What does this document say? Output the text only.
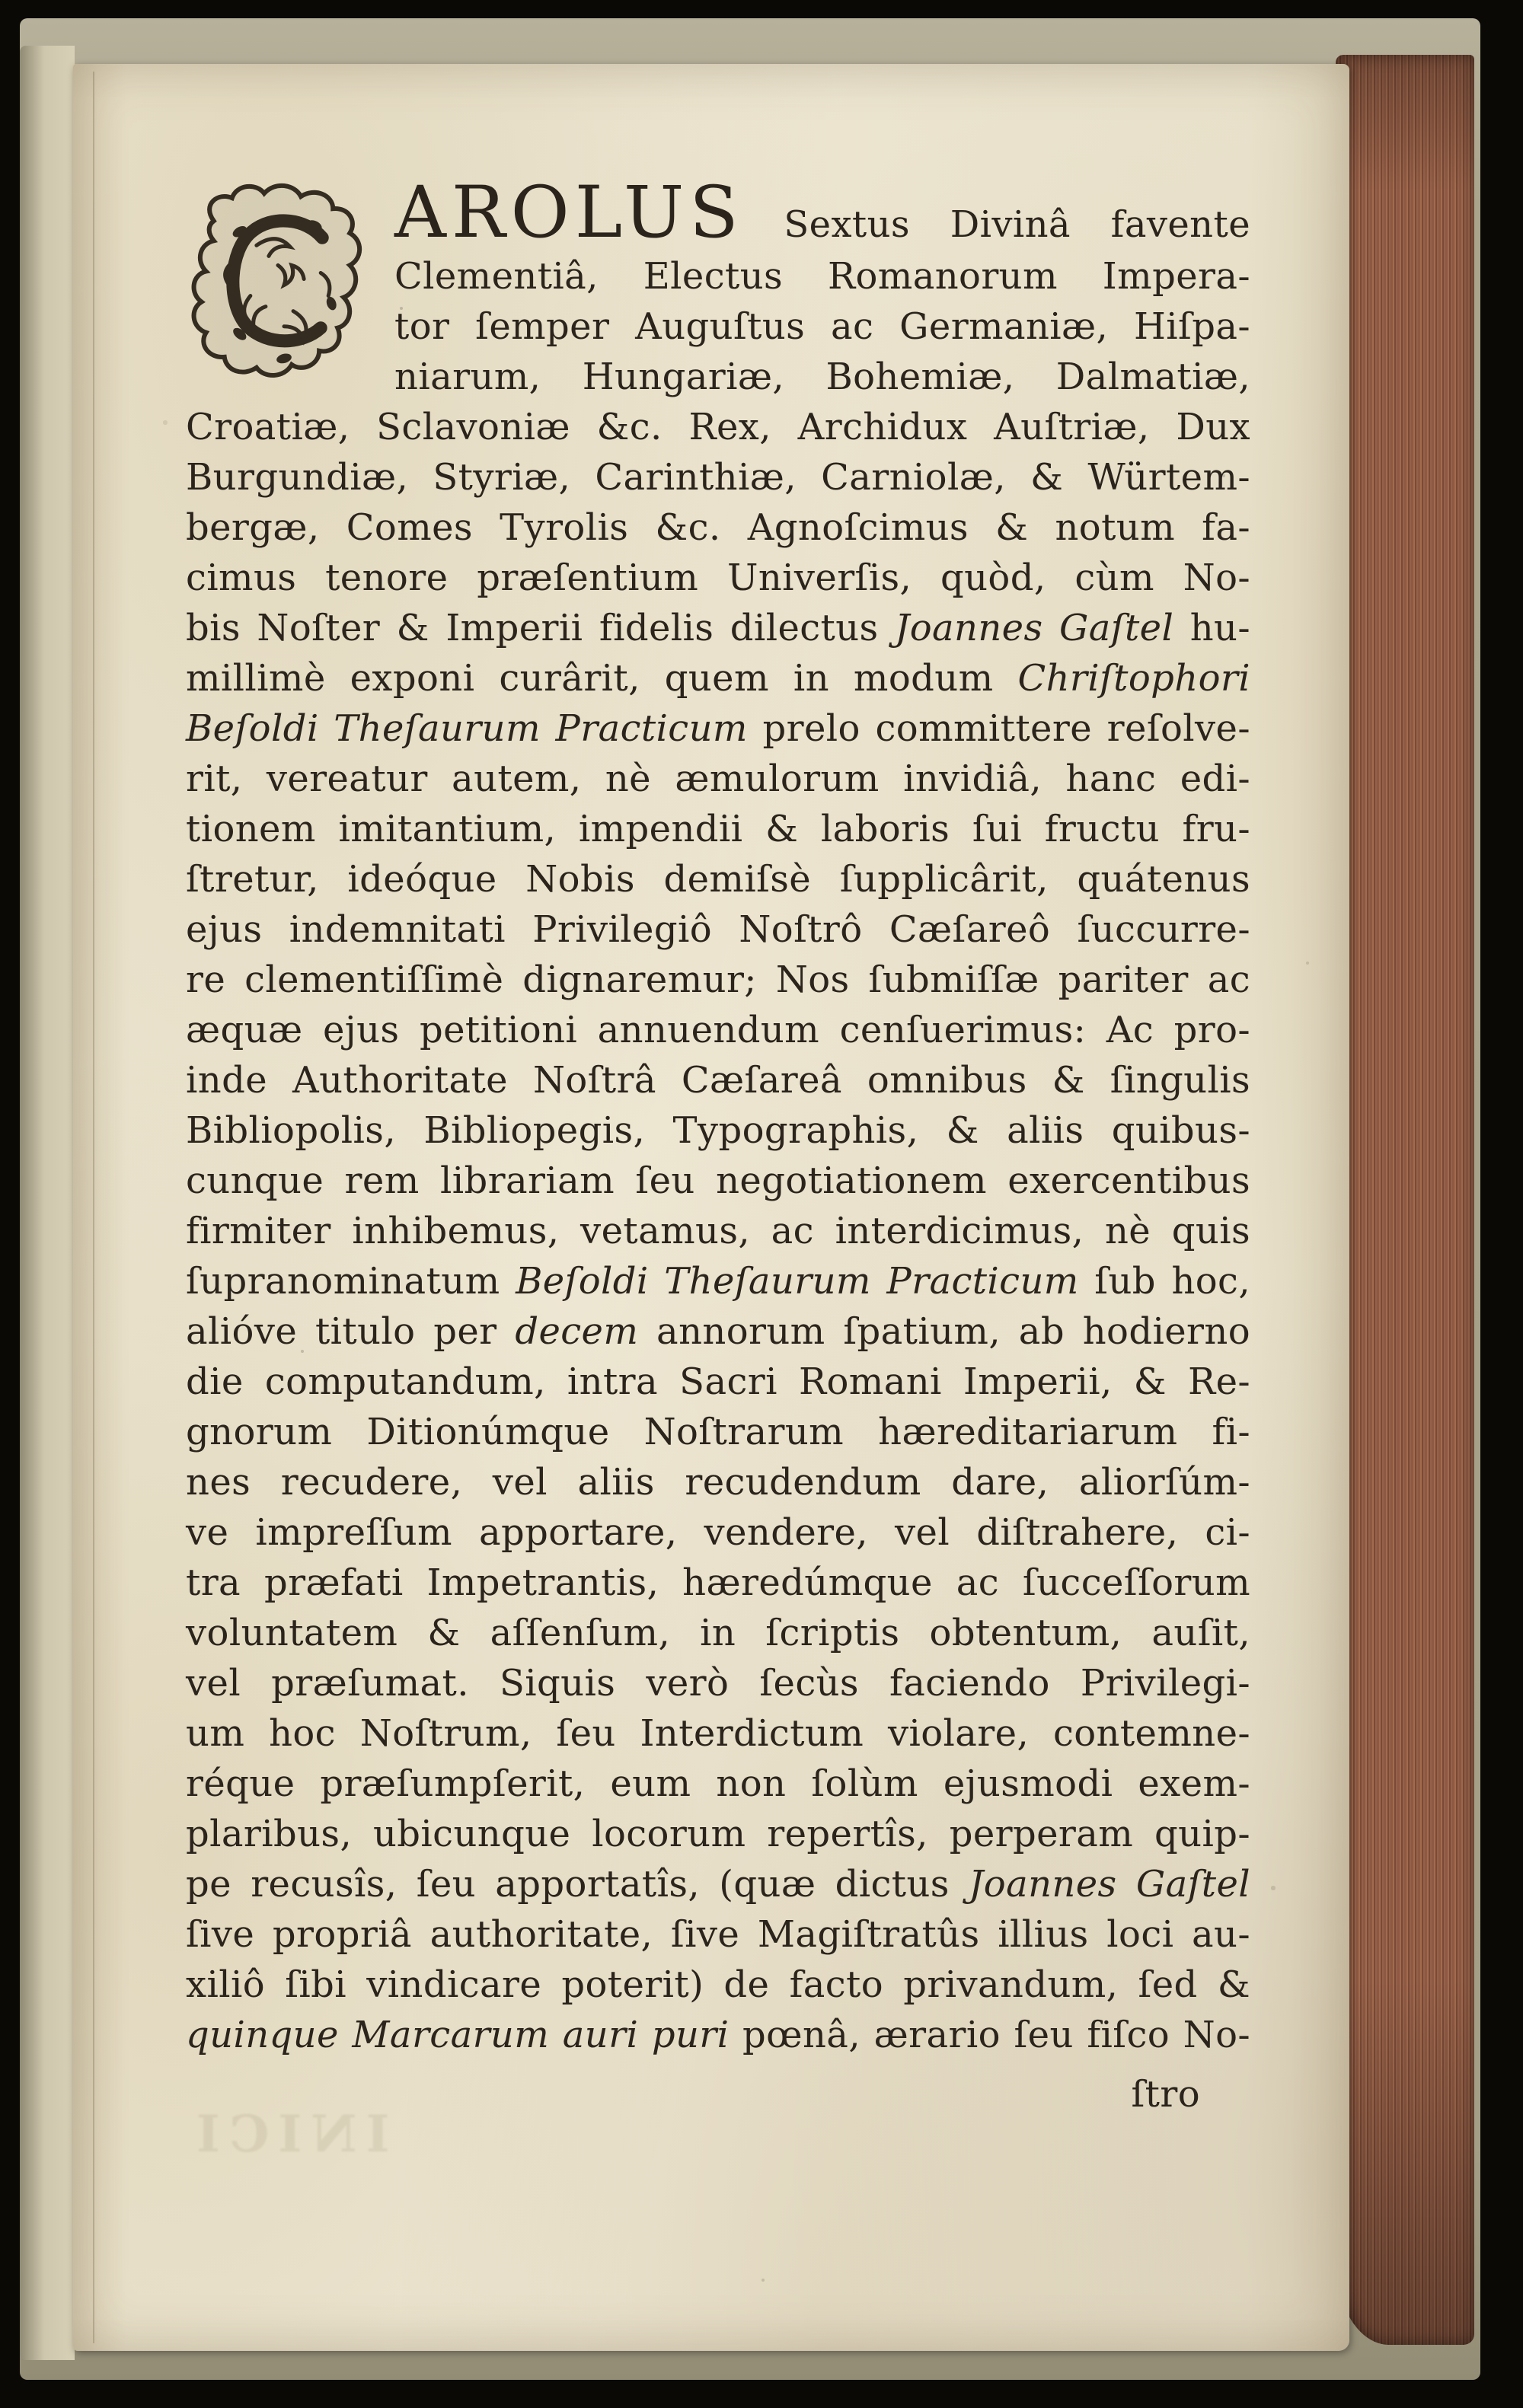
INICI
AROLUS Sextus Divinâ favente
Clementiâ, Electus Romanorum Impera-
tor ſemper Auguſtus ac Germaniæ, Hiſpa-
niarum, Hungariæ, Bohemiæ, Dalmatiæ,
Croatiæ, Sclavoniæ &c. Rex, Archidux Auſtriæ, Dux
Burgundiæ, Styriæ, Carinthiæ, Carniolæ, & Würtem-
bergæ, Comes Tyrolis &c. Agnoſcimus & notum fa-
cimus tenore præſentium Univerſis, quòd, cùm No-
bis Noſter & Imperii fidelis dilectus Joannes Gaſtel hu-
millimè exponi curârit, quem in modum Chriſtophori
Beſoldi Theſaurum Practicum prelo committere reſolve-
rit, vereatur autem, nè æmulorum invidiâ, hanc edi-
tionem imitantium, impendii & laboris ſui fructu fru-
ſtretur, ideóque Nobis demiſsè ſupplicârit, quátenus
ejus indemnitati Privilegiô Noſtrô Cæſareô ſuccurre-
re clementiſſimè dignaremur; Nos ſubmiſſæ pariter ac
æquæ ejus petitioni annuendum cenſuerimus: Ac pro-
inde Authoritate Noſtrâ Cæſareâ omnibus & ſingulis
Bibliopolis, Bibliopegis, Typographis, & aliis quibus-
cunque rem librariam ſeu negotiationem exercentibus
firmiter inhibemus, vetamus, ac interdicimus, nè quis
ſupranominatum Beſoldi Theſaurum Practicum ſub hoc,
alióve titulo per decem annorum ſpatium, ab hodierno
die computandum, intra Sacri Romani Imperii, & Re-
gnorum Ditionúmque Noſtrarum hæreditariarum fi-
nes recudere, vel aliis recudendum dare, aliorſúm-
ve impreſſum apportare, vendere, vel diſtrahere, ci-
tra præfati Impetrantis, hæredúmque ac ſucceſſorum
voluntatem & aſſenſum, in ſcriptis obtentum, auſit,
vel præſumat. Siquis verò ſecùs faciendo Privilegi-
um hoc Noſtrum, ſeu Interdictum violare, contemne-
réque præſumpſerit, eum non ſolùm ejusmodi exem-
plaribus, ubicunque locorum repertîs, perperam quip-
pe recusîs, ſeu apportatîs, (quæ dictus Joannes Gaſtel
ſive propriâ authoritate, ſive Magiſtratûs illius loci au-
xiliô ſibi vindicare poterit) de facto privandum, ſed &
quinque Marcarum auri puri pœnâ, ærario ſeu fiſco No-
ſtro
